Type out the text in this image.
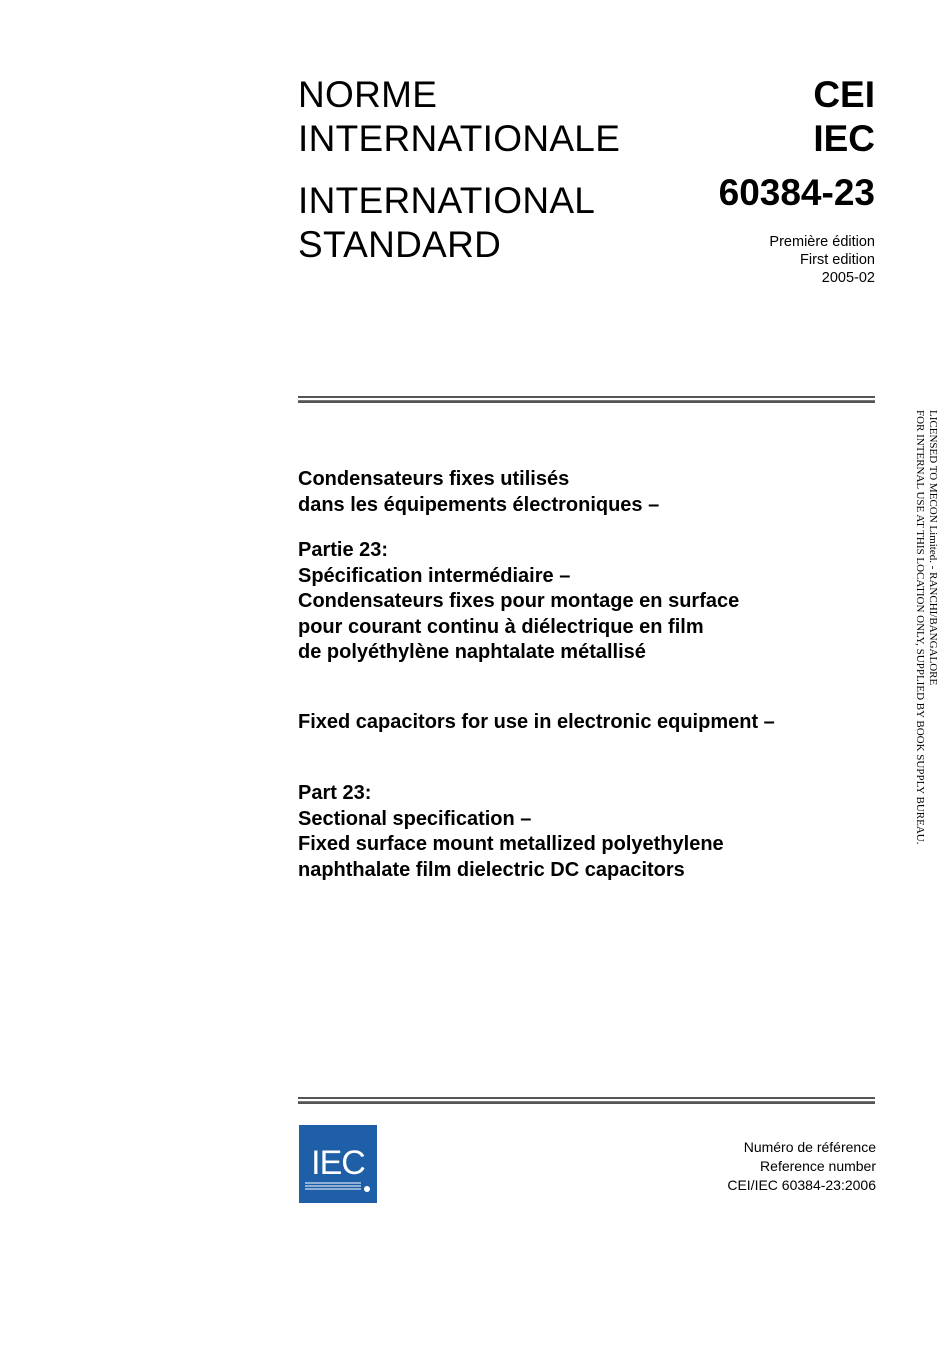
NORME
INTERNATIONALE
INTERNATIONAL
STANDARD
CEI
IEC
60384-23
Première édition
First edition
2005-02
Condensateurs fixes utilisés
dans les équipements électroniques –
Partie 23:
Spécification intermédiaire –
Condensateurs fixes pour montage en surface
pour courant continu à diélectrique en film
de polyéthylène naphtalate métallisé
Fixed capacitors for use in electronic equipment –
Part 23:
Sectional specification –
Fixed surface mount metallized polyethylene
naphthalate film dielectric DC capacitors
LICENSED TO MECON Limited. - RANCHI/BANGALORE
FOR INTERNAL USE AT THIS LOCATION ONLY, SUPPLIED BY BOOK SUPPLY BUREAU.
IEC	Numéro de référence
Reference number
CEI/IEC 60384-23:2006
